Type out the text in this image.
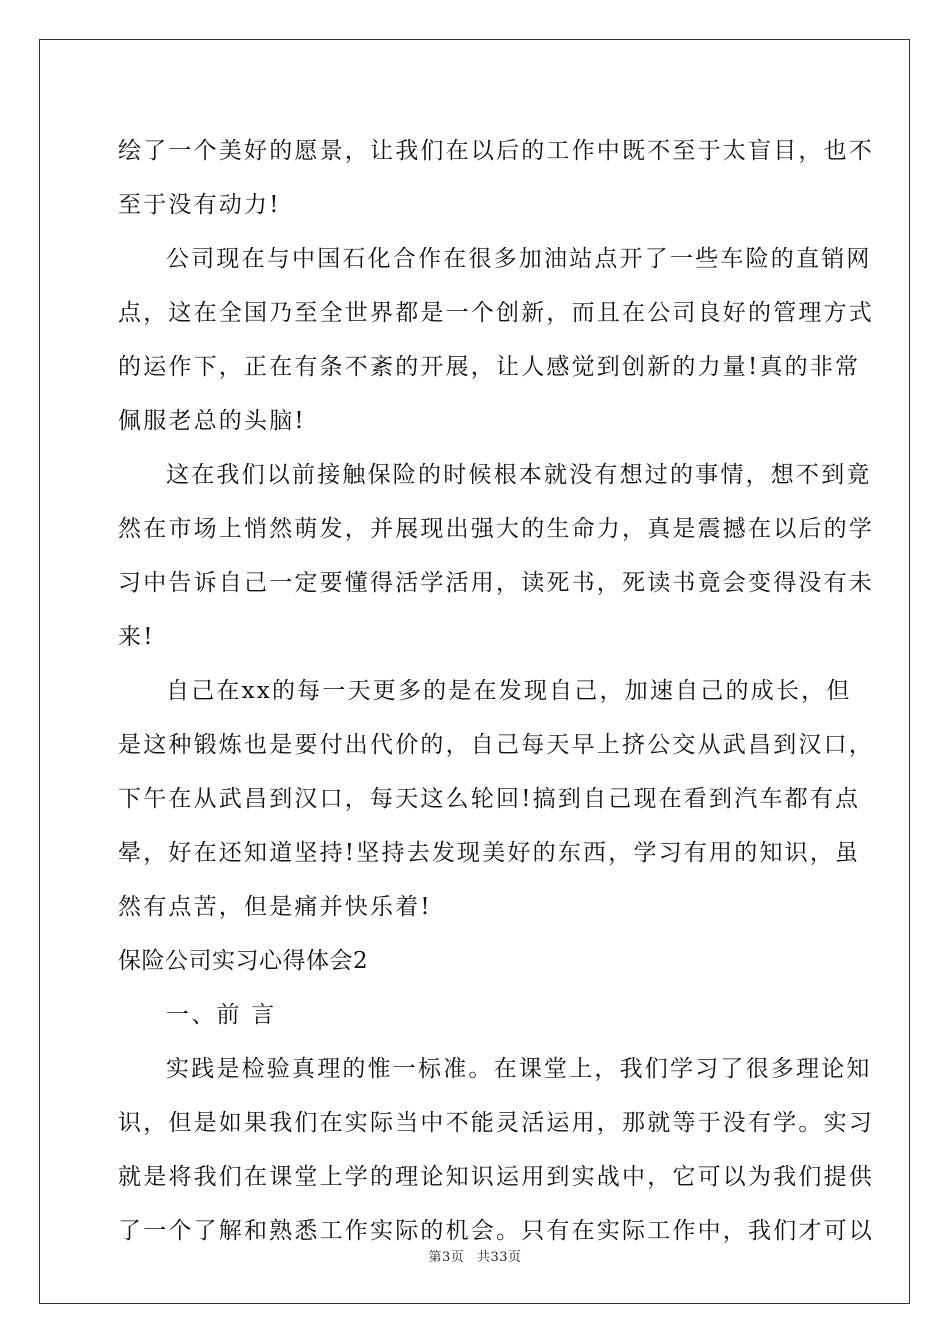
绘了一个美好的愿景，让我们在以后的工作中既不至于太盲目，也不
至于没有动力!
公司现在与中国石化合作在很多加油站点开了一些车险的直销网
点，这在全国乃至全世界都是一个创新，而且在公司良好的管理方式
的运作下，正在有条不紊的开展，让人感觉到创新的力量!真的非常
佩服老总的头脑!
这在我们以前接触保险的时候根本就没有想过的事情，想不到竟
然在市场上悄然萌发，并展现出强大的生命力，真是震撼在以后的学
习中告诉自己一定要懂得活学活用，读死书，死读书竟会变得没有未
来!
自己在xx的每一天更多的是在发现自己，加速自己的成长，但
是这种锻炼也是要付出代价的，自己每天早上挤公交从武昌到汉口，
下午在从武昌到汉口，每天这么轮回!搞到自己现在看到汽车都有点
晕，好在还知道坚持!坚持去发现美好的东西，学习有用的知识，虽
然有点苦，但是痛并快乐着!
保险公司实习心得体会2
一、前 言
实践是检验真理的惟一标准。在课堂上，我们学习了很多理论知
识，但是如果我们在实际当中不能灵活运用，那就等于没有学。实习
就是将我们在课堂上学的理论知识运用到实战中，它可以为我们提供
了一个了解和熟悉工作实际的机会。只有在实际工作中，我们才可以
第3页 共33页
